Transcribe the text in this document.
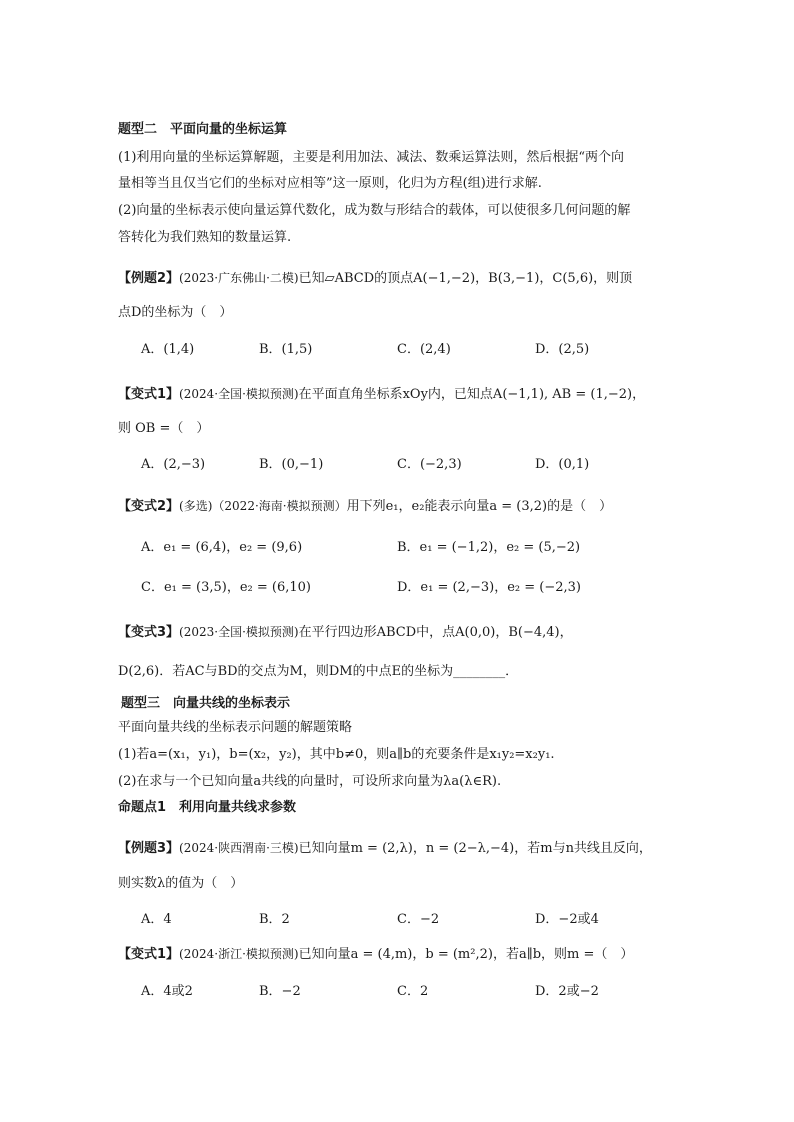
题型二　平面向量的坐标运算
(1)利用向量的坐标运算解题，主要是利用加法、减法、数乘运算法则，然后根据“两个向
量相等当且仅当它们的坐标对应相等”这一原则，化归为方程(组)进行求解.
(2)向量的坐标表示使向量运算代数化，成为数与形结合的载体，可以使很多几何问题的解
答转化为我们熟知的数量运算.
【例题2】(2023·广东佛山·二模)已知▱ABCD的顶点A(−1,−2)，B(3,−1)，C(5,6)，则顶
点D的坐标为（　）
A．(1,4)	B．(1,5)	C．(2,4)	D．(2,5)
【变式1】(2024·全国·模拟预测)在平面直角坐标系xOy内，已知点A(−1,1), AB = (1,−2)，
则 OB =（　）
A．(2,−3)	B．(0,−1)	C．(−2,3)	D．(0,1)
【变式2】(多选)（2022·海南·模拟预测）用下列e₁，e₂能表示向量a = (3,2)的是（　）
A．e₁ = (6,4)，e₂ = (9,6)	B．e₁ = (−1,2)，e₂ = (5,−2)
C．e₁ = (3,5)，e₂ = (6,10)	D．e₁ = (2,−3)，e₂ = (−2,3)
【变式3】(2023·全国·模拟预测)在平行四边形ABCD中，点A(0,0)，B(−4,4)，
D(2,6)．若AC与BD的交点为M，则DM的中点E的坐标为________．
题型三　向量共线的坐标表示
平面向量共线的坐标表示问题的解题策略
(1)若a=(x₁，y₁)，b=(x₂，y₂)，其中b≠0，则a∥b的充要条件是x₁y₂=x₂y₁.
(2)在求与一个已知向量a共线的向量时，可设所求向量为λa(λ∈R).
命题点1　利用向量共线求参数
【例题3】(2024·陕西渭南·三模)已知向量m = (2,λ)，n = (2−λ,−4)，若m与n共线且反向，
则实数λ的值为（　）
A．4	B．2	C．−2	D．−2或4
【变式1】(2024·浙江·模拟预测)已知向量a = (4,m)，b = (m²,2)，若a∥b，则m =（　）
A．4或2	B．−2	C．2	D．2或−2
